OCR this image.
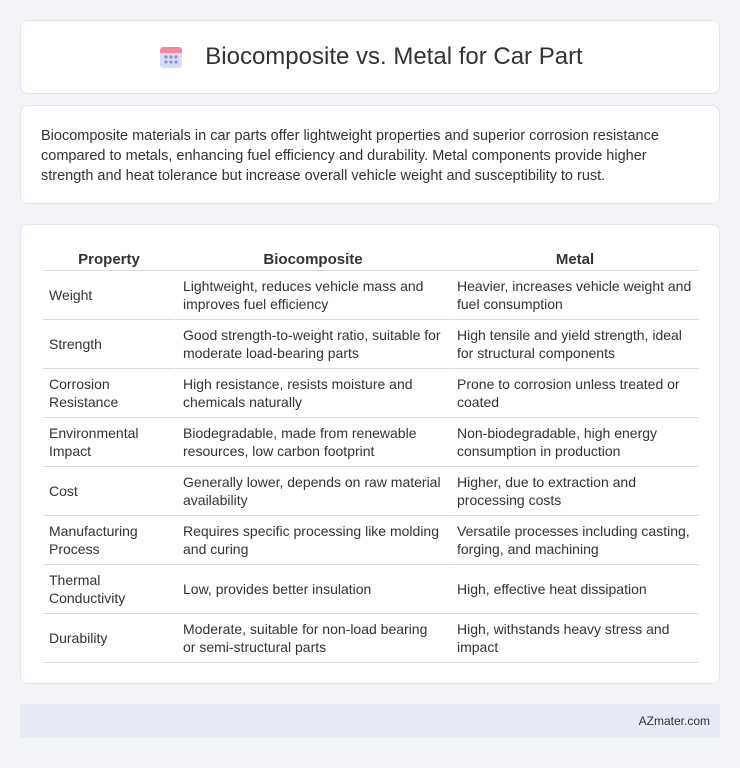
Biocomposite vs. Metal for Car Part

Biocomposite materials in car parts offer lightweight properties and superior corrosion resistance compared to metals, enhancing fuel efficiency and durability. Metal components provide higher strength and heat tolerance but increase overall vehicle weight and susceptibility to rust.

Property	Biocomposite	Metal
Weight	Lightweight, reduces vehicle mass and improves fuel efficiency	Heavier, increases vehicle weight and fuel consumption
Strength	Good strength-to-weight ratio, suitable for moderate load-bearing parts	High tensile and yield strength, ideal for structural components
Corrosion Resistance	High resistance, resists moisture and chemicals naturally	Prone to corrosion unless treated or coated
Environmental Impact	Biodegradable, made from renewable resources, low carbon footprint	Non-biodegradable, high energy consumption in production
Cost	Generally lower, depends on raw material availability	Higher, due to extraction and processing costs
Manufacturing Process	Requires specific processing like molding and curing	Versatile processes including casting, forging, and machining
Thermal Conductivity	Low, provides better insulation	High, effective heat dissipation
Durability	Moderate, suitable for non-load bearing or semi-structural parts	High, withstands heavy stress and impact
AZmater.com
